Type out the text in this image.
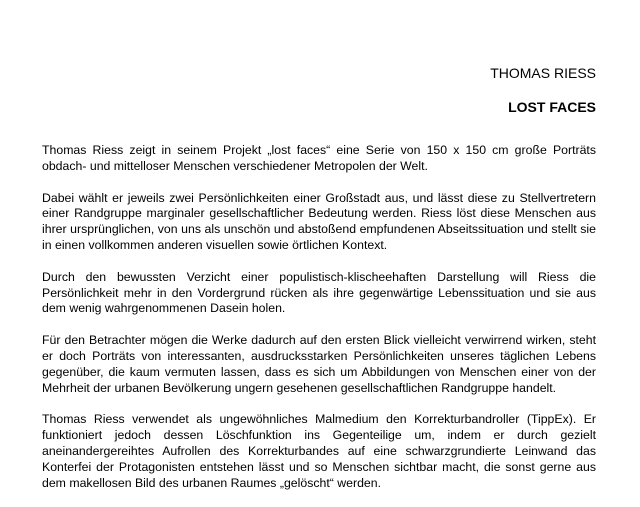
THOMAS RIESS
LOST FACES

Thomas Riess zeigt in seinem Projekt „lost faces“ eine Serie von 150 x 150 cm große Porträts obdach- und mittelloser Menschen verschiedener Metropolen der Welt.

Dabei wählt er jeweils zwei Persönlichkeiten einer Großstadt aus, und lässt diese zu Stellvertretern einer Randgruppe marginaler gesellschaftlicher Bedeutung werden. Riess löst diese Menschen aus ihrer ursprünglichen, von uns als unschön und abstoßend empfundenen Abseitssituation und stellt sie in einen vollkommen anderen visuellen sowie örtlichen Kontext.

Durch den bewussten Verzicht einer populistisch-klischeehaften Darstellung will Riess die Persönlichkeit mehr in den Vordergrund rücken als ihre gegenwärtige Lebenssituation und sie aus dem wenig wahrgenommenen Dasein holen.

Für den Betrachter mögen die Werke dadurch auf den ersten Blick vielleicht verwirrend wirken, steht er doch Porträts von interessanten, ausdrucksstarken Persönlichkeiten unseres täglichen Lebens gegenüber, die kaum vermuten lassen, dass es sich um Abbildungen von Menschen einer von der Mehrheit der urbanen Bevölkerung ungern gesehenen gesellschaftlichen Randgruppe handelt.

Thomas Riess verwendet als ungewöhnliches Malmedium den Korrekturbandroller (TippEx). Er funktioniert jedoch dessen Löschfunktion ins Gegenteilige um, indem er durch gezielt aneinandergereihtes Aufrollen des Korrekturbandes auf eine schwarzgrundierte Leinwand das Konterfei der Protagonisten entstehen lässt und so Menschen sichtbar macht, die sonst gerne aus dem makellosen Bild des urbanen Raumes „gelöscht“ werden.
